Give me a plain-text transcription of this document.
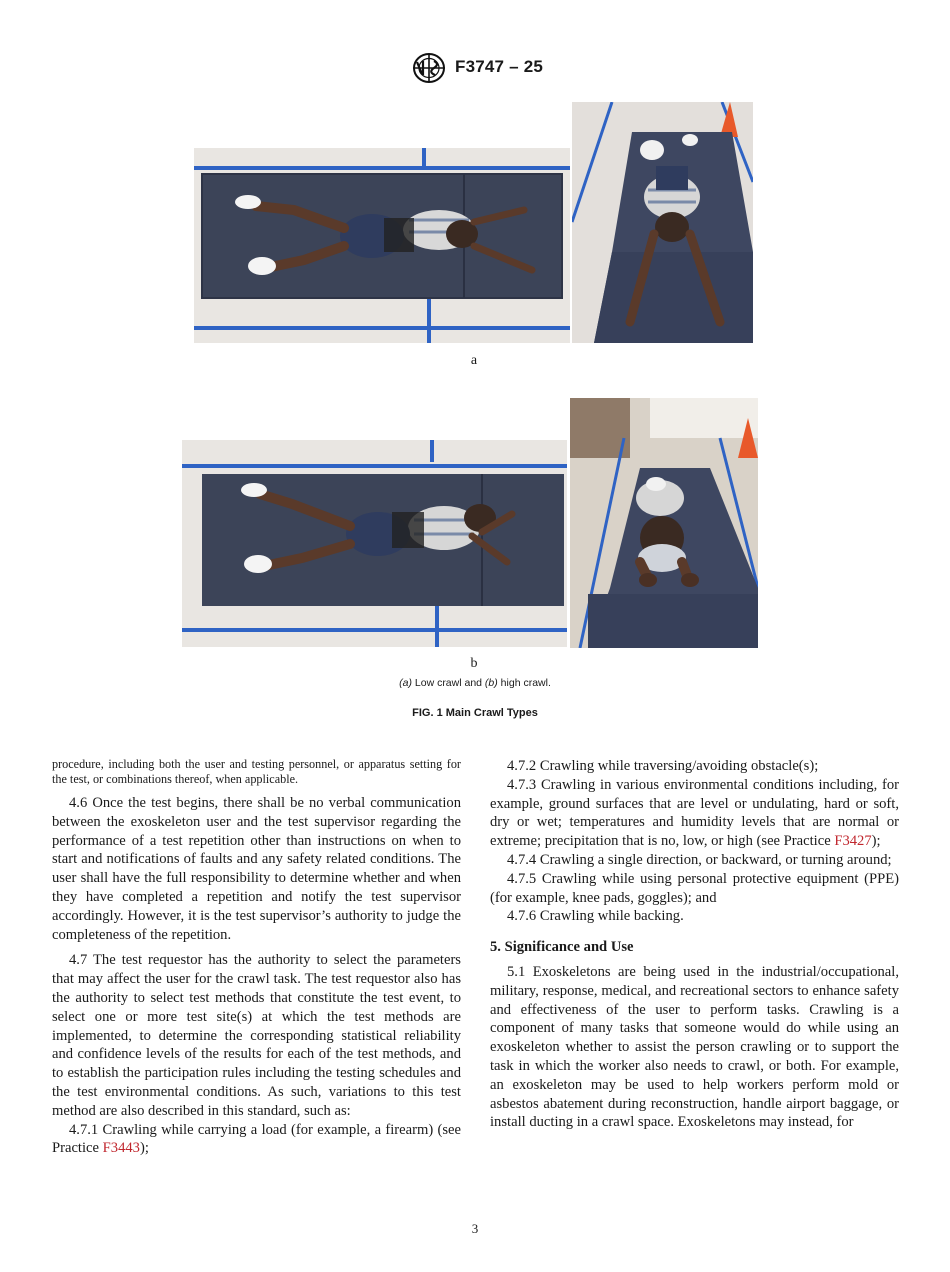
F3747 – 25
a
b
(a) Low crawl and (b) high crawl.
FIG. 1 Main Crawl Types

procedure, including both the user and testing personnel, or apparatus setting for the test, or combinations thereof, when applicable.

4.6 Once the test begins, there shall be no verbal communication between the exoskeleton user and the test supervisor regarding the performance of a test repetition other than instructions on when to start and notifications of faults and any safety related conditions. The user shall have the full responsibility to determine whether and when they have completed a repetition and notify the test supervisor accordingly. However, it is the test supervisor’s authority to judge the completeness of the repetition.

4.7 The test requestor has the authority to select the parameters that may affect the user for the crawl task. The test requestor also has the authority to select test methods that constitute the test event, to select one or more test site(s) at which the test methods are implemented, to determine the corresponding statistical reliability and confidence levels of the results for each of the test methods, and to establish the participation rules including the testing schedules and the test environmental conditions. As such, variations to this test method are also described in this standard, such as:

4.7.1 Crawling while carrying a load (for example, a firearm) (see Practice F3443);

4.7.2 Crawling while traversing/avoiding obstacle(s);

4.7.3 Crawling in various environmental conditions including, for example, ground surfaces that are level or undulating, hard or soft, dry or wet; temperatures and humidity levels that are normal or extreme; precipitation that is no, low, or high (see Practice F3427);

4.7.4 Crawling a single direction, or backward, or turning around;

4.7.5 Crawling while using personal protective equipment (PPE) (for example, knee pads, goggles); and

4.7.6 Crawling while backing.

5. Significance and Use

5.1 Exoskeletons are being used in the industrial/occupational, military, response, medical, and recreational sectors to enhance safety and effectiveness of the user to perform tasks. Crawling is a component of many tasks that someone would do while using an exoskeleton whether to assist the person crawling or to support the task in which the worker also needs to crawl, or both. For example, an exoskeleton may be used to help workers perform mold or asbestos abatement during reconstruction, handle airport baggage, or install ducting in a crawl space. Exoskeletons may instead, for

3
